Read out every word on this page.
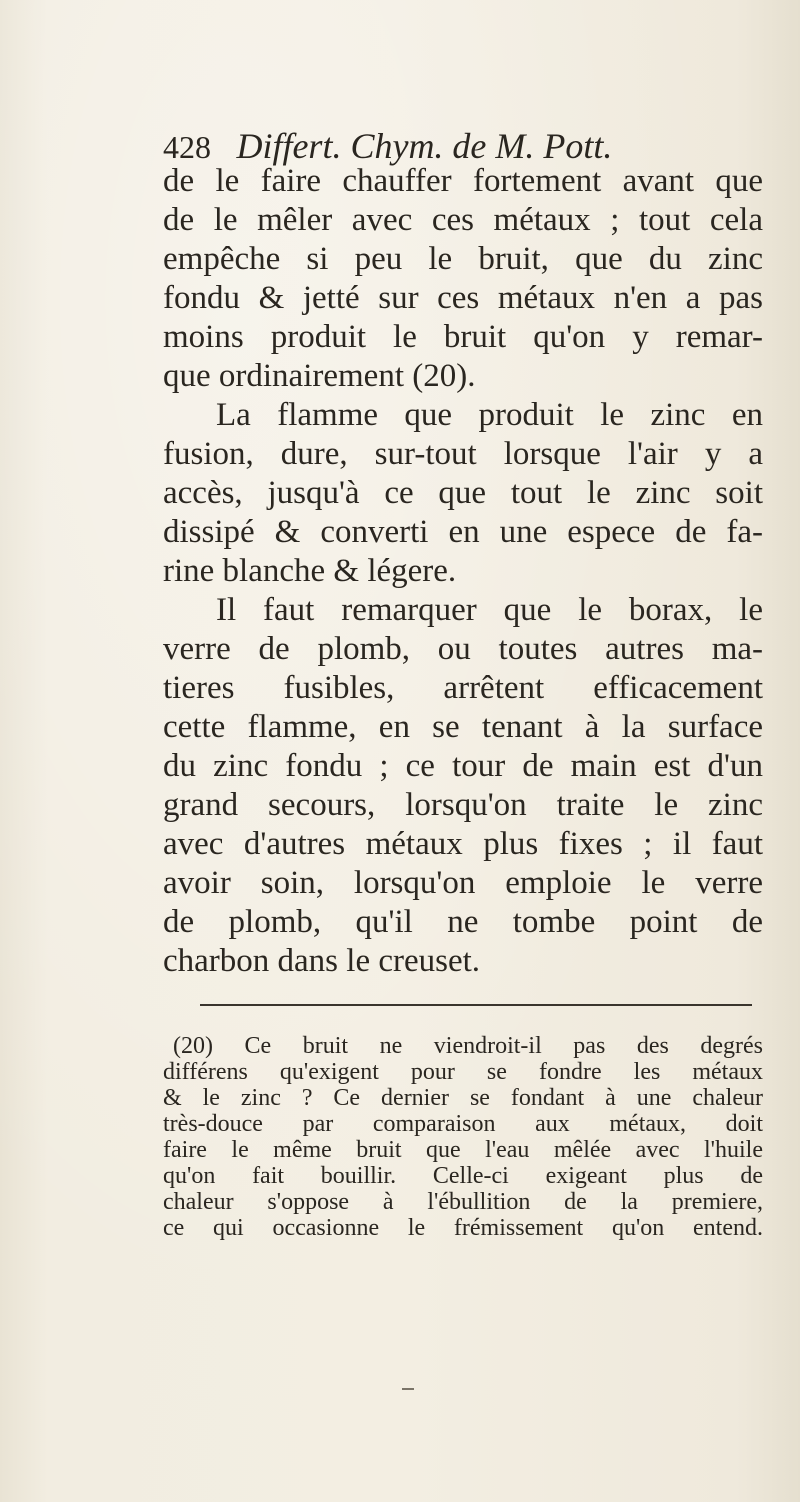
428 Differt. Chym. de M. Pott.
de le faire chauffer fortement avant que
de le mêler avec ces métaux ; tout cela
empêche si peu le bruit, que du zinc
fondu & jetté sur ces métaux n'en a pas
moins produit le bruit qu'on y remar-
que ordinairement (20).
La flamme que produit le zinc en
fusion, dure, sur-tout lorsque l'air y a
accès, jusqu'à ce que tout le zinc soit
dissipé & converti en une espece de fa-
rine blanche & légere.
Il faut remarquer que le borax, le
verre de plomb, ou toutes autres ma-
tieres fusibles, arrêtent efficacement
cette flamme, en se tenant à la surface
du zinc fondu ; ce tour de main est d'un
grand secours, lorsqu'on traite le zinc
avec d'autres métaux plus fixes ; il faut
avoir soin, lorsqu'on emploie le verre
de plomb, qu'il ne tombe point de
charbon dans le creuset.
(20) Ce bruit ne viendroit-il pas des degrés
différens qu'exigent pour se fondre les métaux
& le zinc ? Ce dernier se fondant à une chaleur
très-douce par comparaison aux métaux, doit
faire le même bruit que l'eau mêlée avec l'huile
qu'on fait bouillir. Celle-ci exigeant plus de
chaleur s'oppose à l'ébullition de la premiere,
ce qui occasionne le frémissement qu'on entend.
